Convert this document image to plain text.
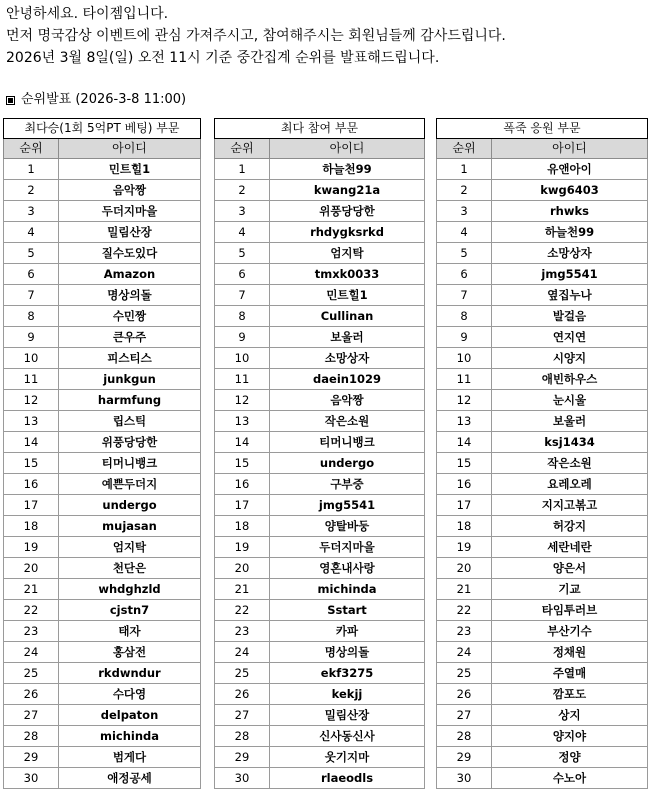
안녕하세요. 타이젬입니다.

먼저 명국감상 이벤트에 관심 가져주시고, 참여해주시는 회원님들께 감사드립니다.

2026년 3월 8일(일) 오전 11시 기준 중간집계 순위를 발표해드립니다.

순위발표 (2026-3-8 11:00)
최다승(1회 5억PT 베팅) 부문	
순위	아이디
1	민트힐1
2	음악짱
3	두더지마을
4	밀림산장
5	질수도있다
6	Amazon
7	명상의돌
8	수민짱
9	큰우주
10	피스티스
11	junkgun
12	harmfung
13	립스틱
14	위풍당당한
15	티머니뱅크
16	예쁜두더지
17	undergo
18	mujasan
19	엄지탁
20	천단은
21	whdghzld
22	cjstn7
23	태자
24	홍삼전
25	rkdwndur
26	수다영
27	delpaton
28	michinda
29	범게다
30	애정공세
최다 참여 부문	
순위	아이디
1	하늘천99
2	kwang21a
3	위풍당당한
4	rhdygksrkd
5	엄지탁
6	tmxk0033
7	민트힐1
8	Cullinan
9	보울러
10	소망상자
11	daein1029
12	음악짱
13	작은소원
14	티머니뱅크
15	undergo
16	구부중
17	jmg5541
18	양탈바둥
19	두더지마을
20	영혼내사랑
21	michinda
22	Sstart
23	카파
24	명상의돌
25	ekf3275
26	kekjj
27	밀림산장
28	신사동신사
29	웃기지마
30	rlaeodls
폭죽 응원 부문	
순위	아이디
1	유앤아이
2	kwg6403
3	rhwks
4	하늘천99
5	소망상자
6	jmg5541
7	옆집누나
8	발걸음
9	연지연
10	시양지
11	애빈하우스
12	눈시울
13	보울러
14	ksj1434
15	작은소원
16	요레오레
17	지지고볶고
18	허강지
19	세란네란
20	양은서
21	기교
22	타임투러브
23	부산기수
24	정채원
25	주열매
26	깜포도
27	상지
28	양지야
29	정양
30	수노아
